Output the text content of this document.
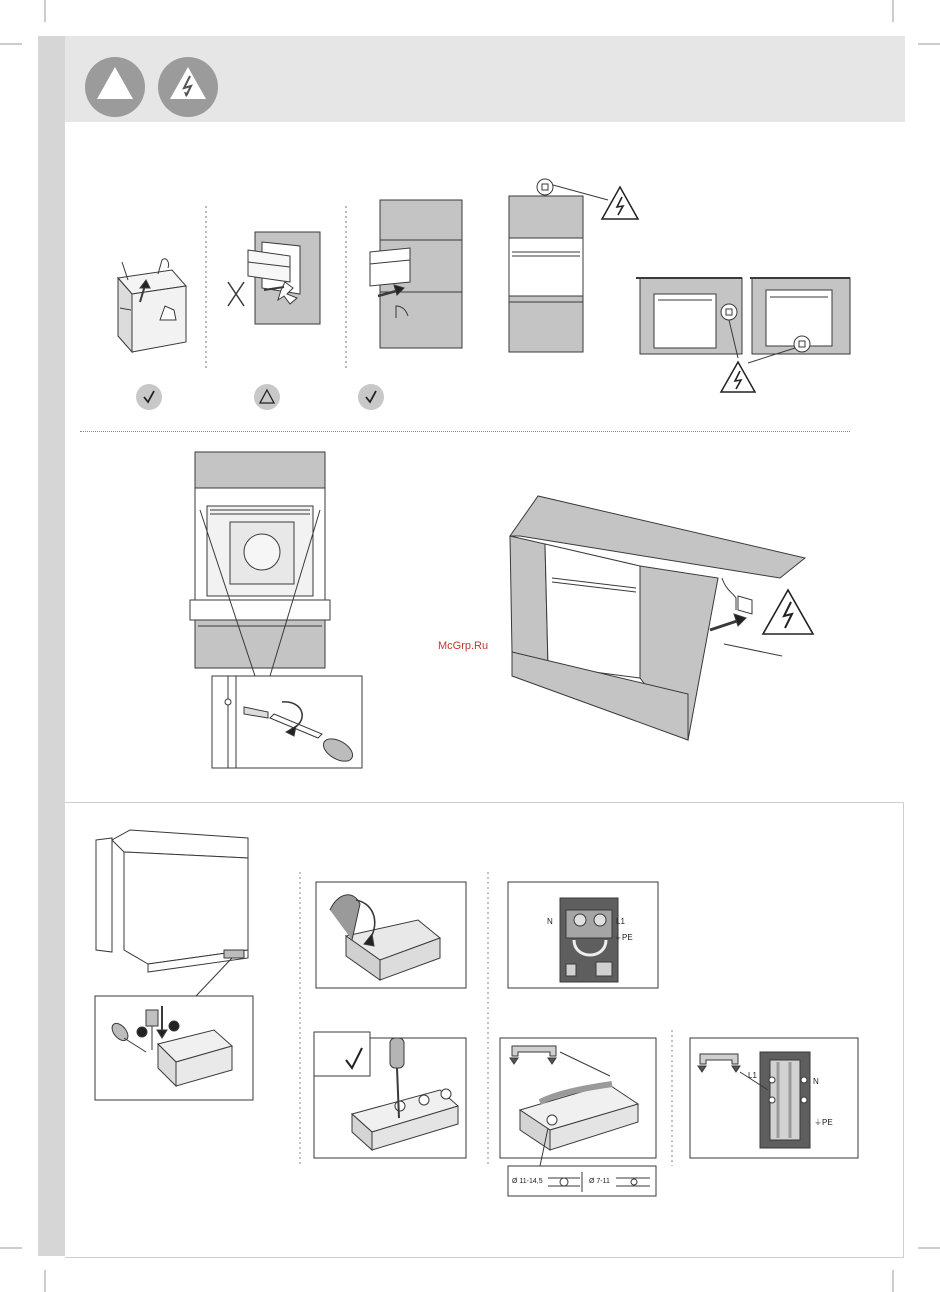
McGrp.Ru
N	L1
⏚PE
L1
N
⏚PE
Ø 11-14,5	Ø 7-11
